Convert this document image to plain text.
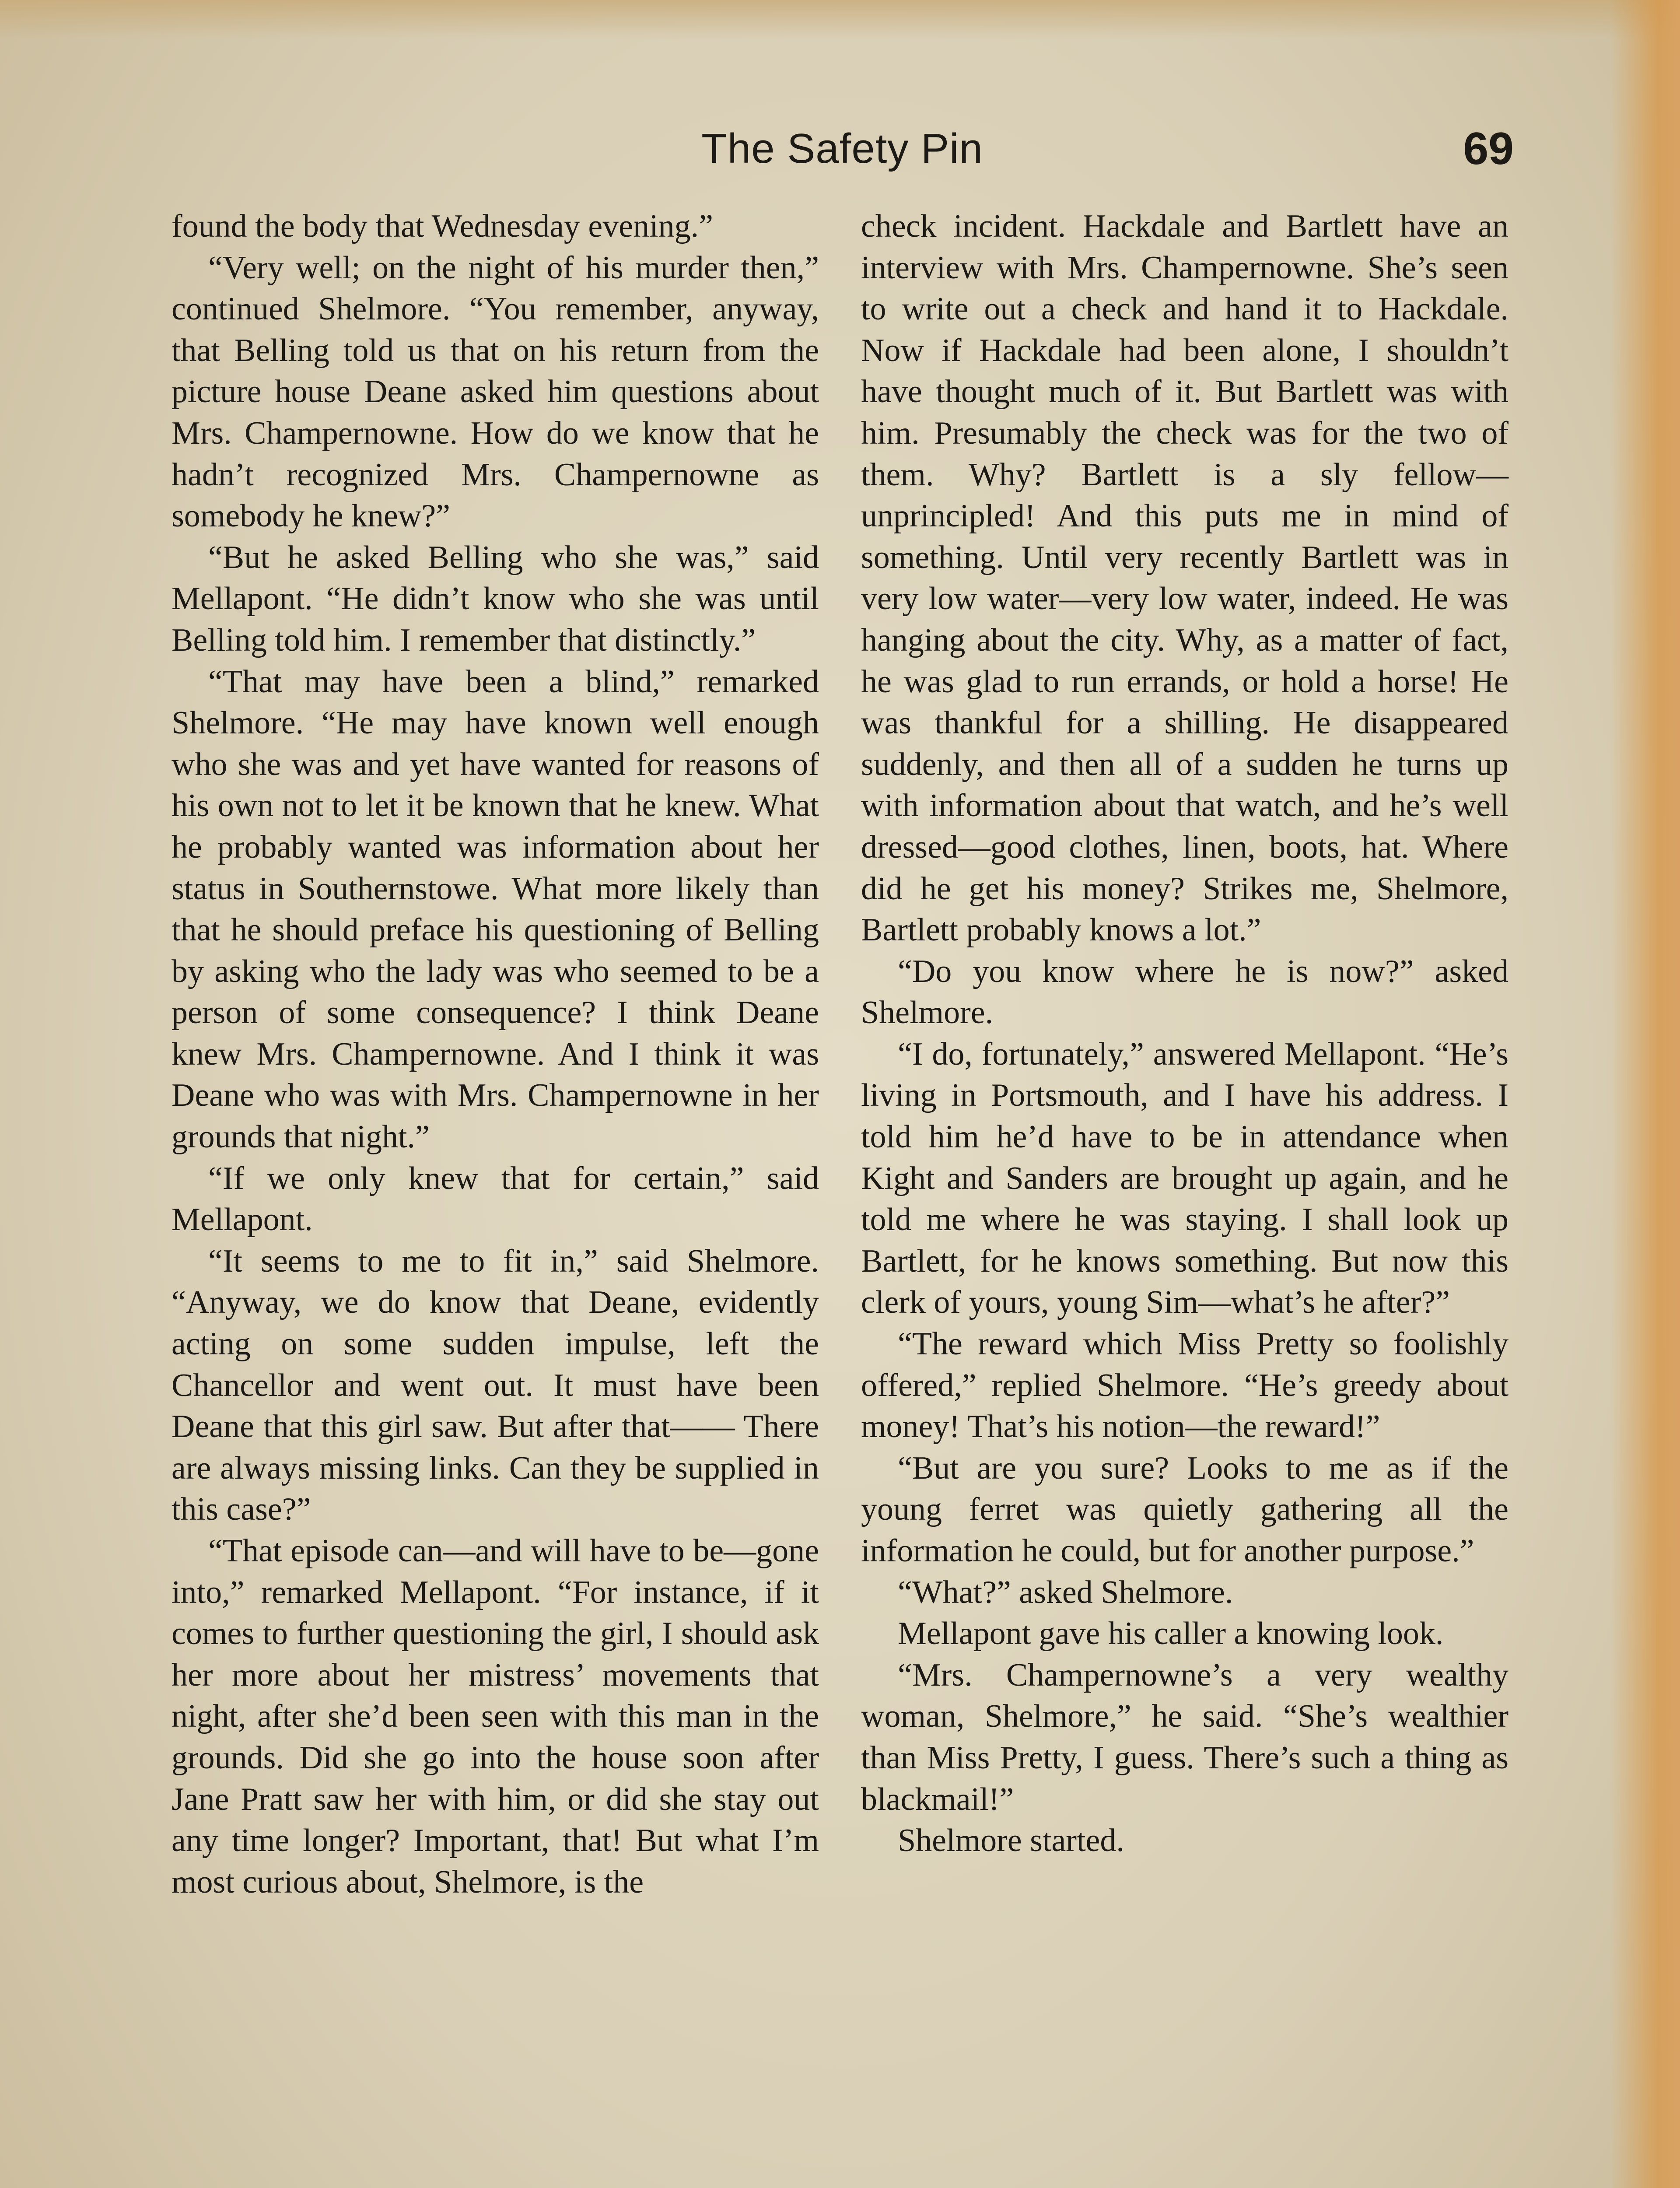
The Safety Pin	69

found the body that Wednesday evening.”

“Very well; on the night of his murder then,” continued Shelmore. “You remember, anyway, that Belling told us that on his return from the picture house Deane asked him questions about Mrs. Champernowne. How do we know that he hadn’t recognized Mrs. Champernowne as somebody he knew?”

“But he asked Belling who she was,” said Mellapont. “He didn’t know who she was until Belling told him. I remember that distinctly.”

“That may have been a blind,” remarked Shelmore. “He may have known well enough who she was and yet have wanted for reasons of his own not to let it be known that he knew. What he probably wanted was information about her status in Southernstowe. What more likely than that he should preface his questioning of Belling by asking who the lady was who seemed to be a person of some consequence? I think Deane knew Mrs. Champernowne. And I think it was Deane who was with Mrs. Champernowne in her grounds that night.”

“If we only knew that for certain,” said Mellapont.

“It seems to me to fit in,” said Shelmore. “Anyway, we do know that Deane, evidently acting on some sudden impulse, left the Chancellor and went out. It must have been Deane that this girl saw. But after that—— There are always missing links. Can they be supplied in this case?”

“That episode can—and will have to be—gone into,” remarked Mellapont. “For instance, if it comes to further questioning the girl, I should ask her more about her mistress’ movements that night, after she’d been seen with this man in the grounds. Did she go into the house soon after Jane Pratt saw her with him, or did she stay out any time longer? Important, that! But what I’m most curious about, Shelmore, is the

check incident. Hackdale and Bartlett have an interview with Mrs. Champernowne. She’s seen to write out a check and hand it to Hackdale. Now if Hackdale had been alone, I shouldn’t have thought much of it. But Bartlett was with him. Presumably the check was for the two of them. Why? Bartlett is a sly fellow—unprincipled! And this puts me in mind of something. Until very recently Bartlett was in very low water—very low water, indeed. He was hanging about the city. Why, as a matter of fact, he was glad to run errands, or hold a horse! He was thankful for a shilling. He disappeared suddenly, and then all of a sudden he turns up with information about that watch, and he’s well dressed—good clothes, linen, boots, hat. Where did he get his money? Strikes me, Shelmore, Bartlett probably knows a lot.”

“Do you know where he is now?” asked Shelmore.

“I do, fortunately,” answered Mellapont. “He’s living in Portsmouth, and I have his address. I told him he’d have to be in attendance when Kight and Sanders are brought up again, and he told me where he was staying. I shall look up Bartlett, for he knows something. But now this clerk of yours, young Sim—what’s he after?”

“The reward which Miss Pretty so foolishly offered,” replied Shelmore. “He’s greedy about money! That’s his notion—the reward!”

“But are you sure? Looks to me as if the young ferret was quietly gathering all the information he could, but for another purpose.”

“What?” asked Shelmore.

Mellapont gave his caller a knowing look.

“Mrs. Champernowne’s a very wealthy woman, Shelmore,” he said. “She’s wealthier than Miss Pretty, I guess. There’s such a thing as blackmail!”

Shelmore started.
